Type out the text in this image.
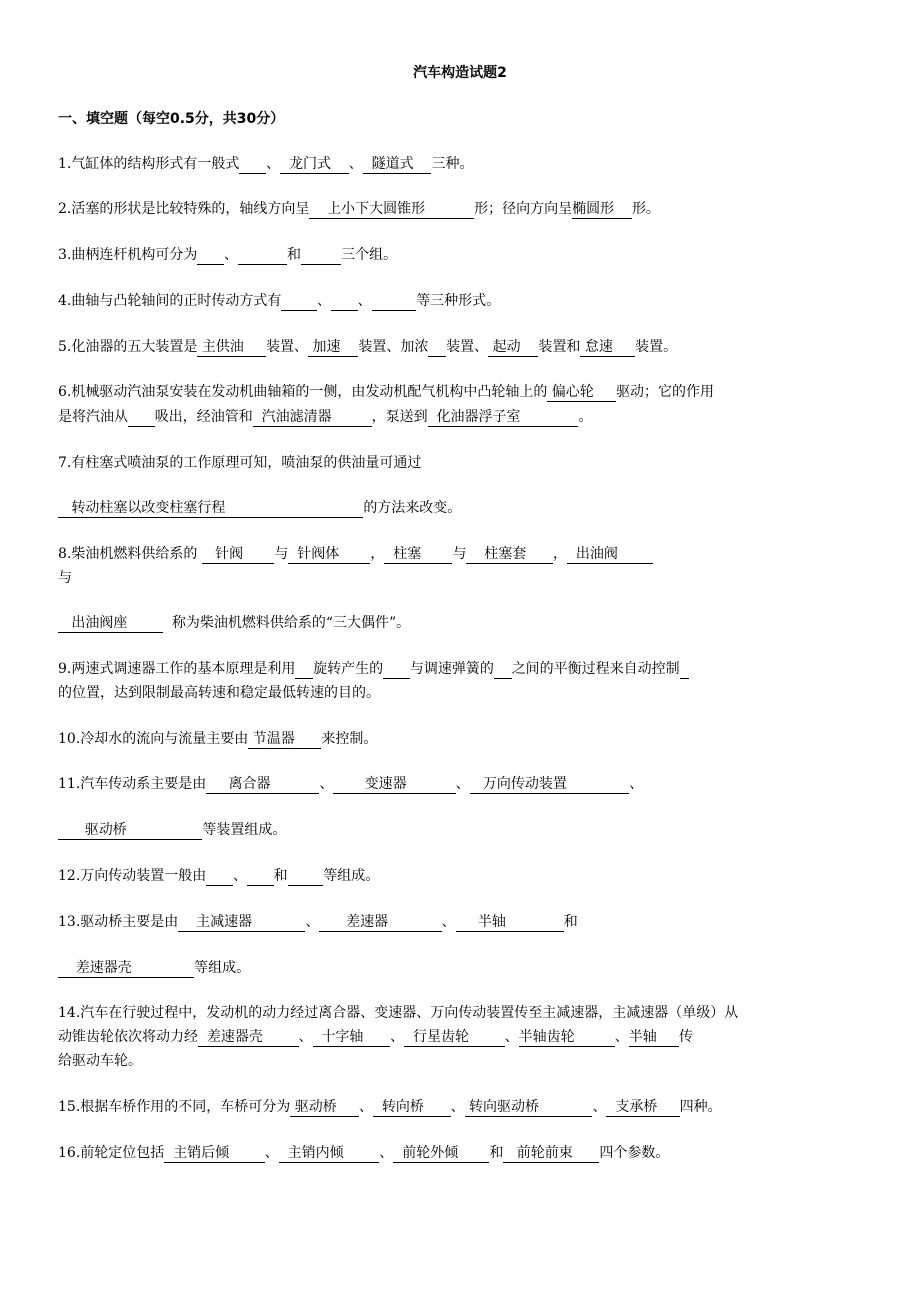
汽车构造试题2
一、填空题（每空0.5分，共30分）
1.气缸体的结构形式有一般式 、  龙门式    、  隧道式    三种。
2.活塞的形状是比较特殊的，轴线方向呈    上小下大圆锥形           形；径向方向呈椭圆形    形。
3.曲柄连杆机构可分为 、	和	三个组。
4.曲轴与凸轮轴间的正时传动方式有	、 、	等三种形式。
5.化油器的五大装置是 主供油     装置、 加速    装置、加浓 装置、 起动    装置和 怠速     装置。
6.机械驱动汽油泵安装在发动机曲轴箱的一侧，由发动机配气机构中凸轮轴上的 偏心轮     驱动；它的作用
是将汽油从 吸出，经油管和  汽油滤清器         ，泵送到  化油器浮子室             。
7.有柱塞式喷油泵的工作原理可知，喷油泵的供油量可通过
转动柱塞以改变柱塞行程                               的方法来改变。
8.柴油机燃料供给系的    针阀       与  针阀体       ，  柱塞       与    柱塞套      ，  出油阀
与
出油阀座          称为柴油机燃料供给系的“三大偶件”。
9.两速式调速器工作的基本原理是利用 旋转产生的 与调速弹簧的 之间的平衡过程来自动控制
的位置，达到限制最高转速和稳定最低转速的目的。
10.冷却水的流向与流量主要由 节温器      来控制。
11.汽车传动系主要是由     离合器           、       变速器           、   万向传动装置              、
驱动桥                 等装置组成。
12.万向传动装置一般由 、 和	等组成。
13.驱动桥主要是由    主减速器            、      差速器            、     半轴             和
差速器壳              等组成。
14.汽车在行驶过程中，发动机的动力经过离合器、变速器、万向传动装置传至主减速器，主减速器（单级）从
动锥齿轮依次将动力经  差速器壳        、  十字轴      、  行星齿轮        、半轴齿轮         、半轴     传
给驱动车轮。
15.根据车桥作用的不同，车桥可分为 驱动桥     、  转向桥      、 转向驱动桥            、  支承桥     四种。
16.前轮定位包括  主销后倾        、  主销内倾        、  前轮外倾       和   前轮前束      四个参数。
